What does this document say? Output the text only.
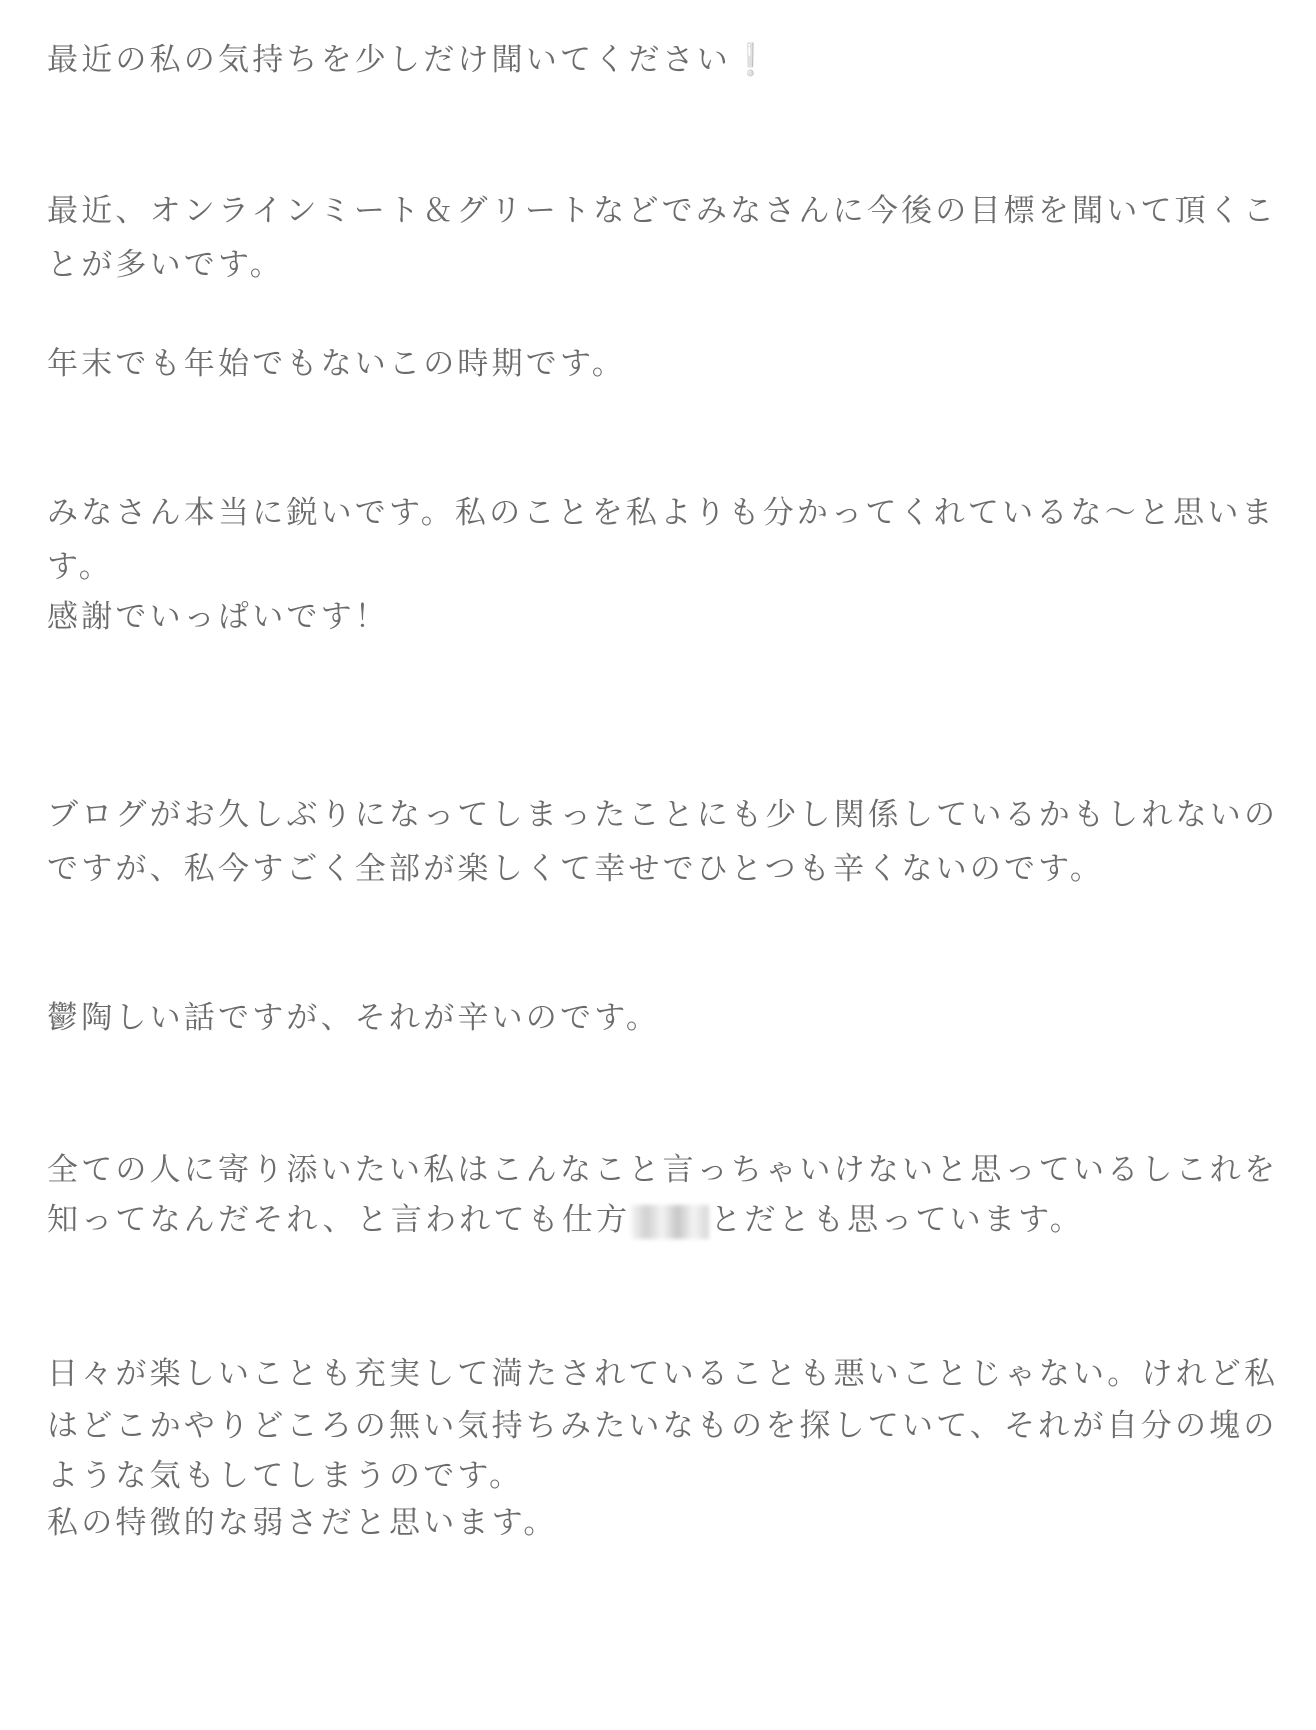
最近の私の気持ちを少しだけ聞いてください❕
最近、オンラインミート＆グリートなどでみなさんに今後の目標を聞いて頂くこ
とが多いです。
年末でも年始でもないこの時期です。
みなさん本当に鋭いです。私のことを私よりも分かってくれているな〜と思いま
す。
感謝でいっぱいです！
ブログがお久しぶりになってしまったことにも少し関係しているかもしれないの
ですが、私今すごく全部が楽しくて幸せでひとつも辛くないのです。
鬱陶しい話ですが、それが辛いのです。
全ての人に寄り添いたい私はこんなこと言っちゃいけないと思っているしこれを
知ってなんだそれ、と言われても仕方	とだとも思っています。
日々が楽しいことも充実して満たされていることも悪いことじゃない。けれど私
はどこかやりどころの無い気持ちみたいなものを探していて、それが自分の塊の
ような気もしてしまうのです。
私の特徴的な弱さだと思います。
